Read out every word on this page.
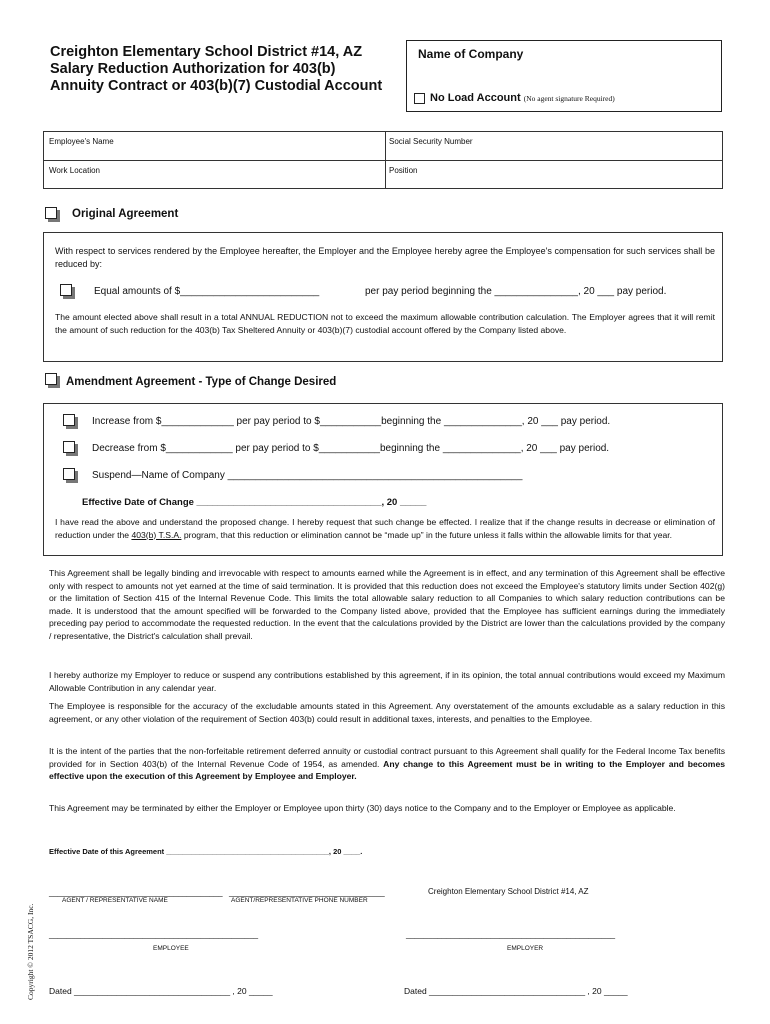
Creighton Elementary School District #14, AZ
Salary Reduction Authorization for 403(b)
Annuity Contract or 403(b)(7) Custodial Account
Name of Company
No Load Account (No agent signature Required)
Employee's Name	Social Security Number
Work Location	Position
Original Agreement
With respect to services rendered by the Employee hereafter, the Employer and the Employee hereby agree the Employee's compensation for such services shall be reduced by:
Equal amounts of $_________________________	per pay period beginning the _______________, 20 ___ pay period.
The amount elected above shall result in a total ANNUAL REDUCTION not to exceed the maximum allowable contribution calculation. The Employer agrees that it will remit the amount of such reduction for the 403(b) Tax Sheltered Annuity or 403(b)(7) custodial account offered by the Company listed above.
Amendment Agreement - Type of Change Desired
Increase from $_____________ per pay period to $___________beginning the ______________, 20 ___ pay period.
Decrease from $____________ per pay period to $___________beginning the ______________, 20 ___ pay period.
Suspend—Name of Company _____________________________________________________
Effective Date of Change ___________________________________, 20 _____
I have read the above and understand the proposed change. I hereby request that such change be effected. I realize that if the change results in decrease or elimination of reduction under the 403(b) T.S.A. program, that this reduction or elimination cannot be “made up” in the future unless it falls within the allowable limits for that year.
This Agreement shall be legally binding and irrevocable with respect to amounts earned while the Agreement is in effect, and any termination of this Agreement shall be effective only with respect to amounts not yet earned at the time of said termination. It is provided that this reduction does not exceed the Employee's statutory limits under Section 402(g) or the limitation of Section 415 of the Internal Revenue Code. This limits the total allowable salary reduction to all Companies to which salary reduction contributions can be made. It is understood that the amount specified will be forwarded to the Company listed above, provided that the Employee has sufficient earnings during the immediately preceding pay period to accommodate the requested reduction. In the event that the calculations provided by the District are lower than the calculations provided by the company / representative, the District's calculation shall prevail.
I hereby authorize my Employer to reduce or suspend any contributions established by this agreement, if in its opinion, the total annual contributions would exceed my Maximum Allowable Contribution in any calendar year.
The Employee is responsible for the accuracy of the excludable amounts stated in this Agreement. Any overstatement of the amounts excludable as a salary reduction in this agreement, or any other violation of the requirement of Section 403(b) could result in additional taxes, interests, and penalties to the Employee.
It is the intent of the parties that the non-forfeitable retirement deferred annuity or custodial contract pursuant to this Agreement shall qualify for the Federal Income Tax benefits provided for in Section 403(b) of the Internal Revenue Code of 1954, as amended. Any change to this Agreement must be in writing to the Employer and becomes effective upon the execution of this Agreement by Employee and Employer.
This Agreement may be terminated by either the Employer or Employee upon thirty (30) days notice to the Company and to the Employer or Employee as applicable.
Effective Date of this Agreement _______________________________________, 20 ____.
Creighton Elementary School District #14, AZ
_______________________________________
AGENT / REPRESENTATIVE NAME
___________________________________
AGENT/REPRESENTATIVE PHONE NUMBER
_______________________________________________
EMPLOYEE
_______________________________________________
EMPLOYER
Dated _________________________________ , 20 _____	Dated _________________________________ , 20 _____
Copyright © 2012 TSACG, Inc.
